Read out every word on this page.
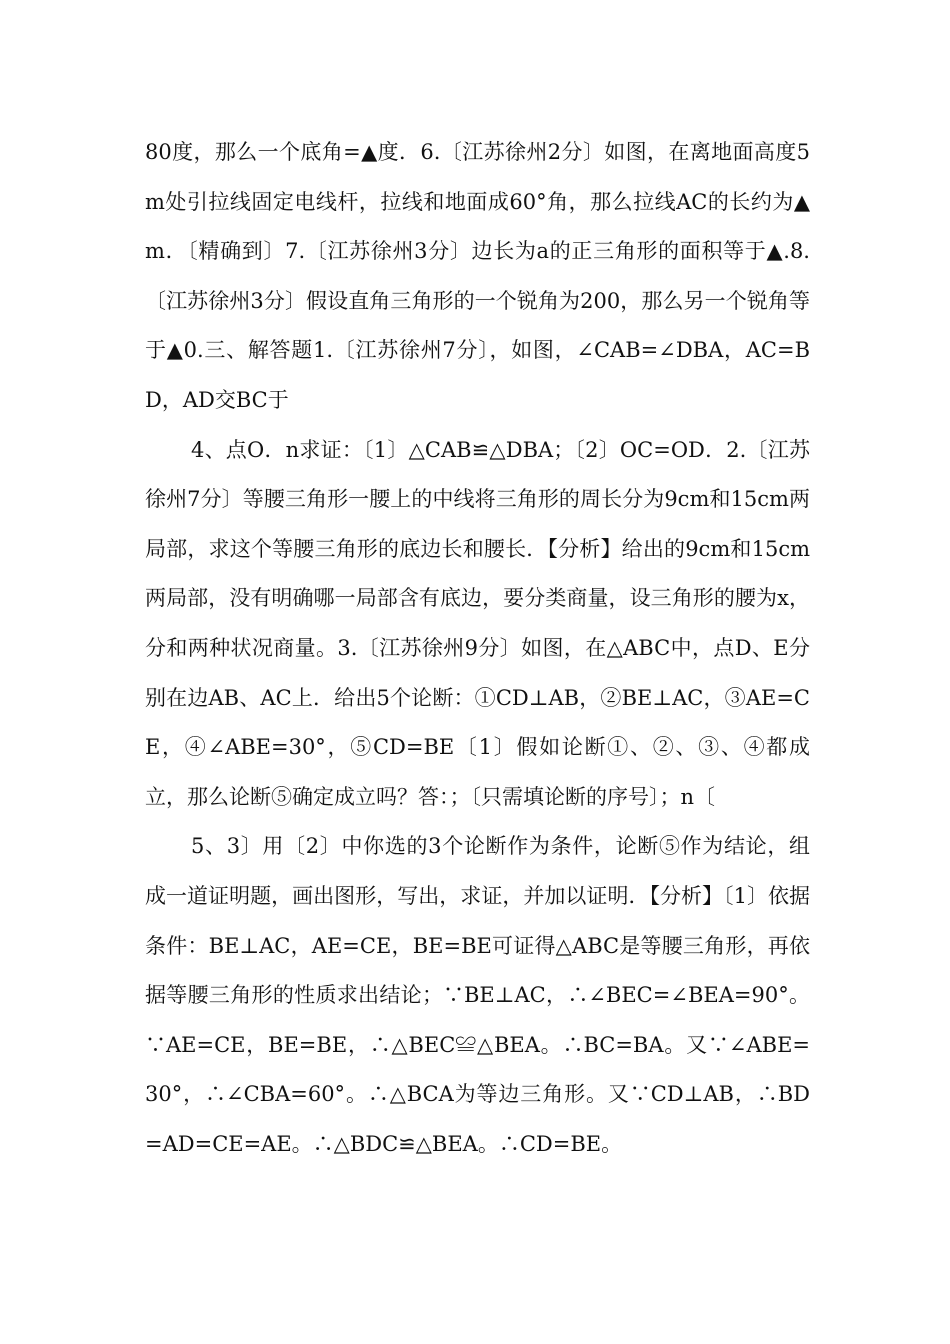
80度，那么一个底角=▲度．6.〔江苏徐州2分〕如图，在离地面高度5m处引拉线固定电线杆，拉线和地面成60°角，那么拉线AC的长约为▲m．〔精确到〕7.〔江苏徐州3分〕边长为a的正三角形的面积等于▲.8.〔江苏徐州3分〕假设直角三角形的一个锐角为200，那么另一个锐角等于▲0.三、解答题1.〔江苏徐州7分〕，如图，∠CAB=∠DBA，AC=BD，AD交BC于

4、点O．n求证：〔1〕△CAB≌△DBA；〔2〕OC=OD．2.〔江苏徐州7分〕等腰三角形一腰上的中线将三角形的周长分为9cm和15cm两局部，求这个等腰三角形的底边长和腰长．【分析】给出的9cm和15cm两局部，没有明确哪一局部含有底边，要分类商量，设三角形的腰为x，分和两种状况商量。3.〔江苏徐州9分〕如图，在△ABC中，点D、E分别在边AB、AC上．给出5个论断：①CD⊥AB，②BE⊥AC，③AE=CE，④∠ABE=30°，⑤CD=BE〔1〕假如论断①、②、③、④都成立，那么论断⑤确定成立吗？答：；〔只需填论断的序号〕；n〔

5、3〕用〔2〕中你选的3个论断作为条件，论断⑤作为结论，组成一道证明题，画出图形，写出，求证，并加以证明．【分析】〔1〕依据条件：BE⊥AC，AE=CE，BE=BE可证得△ABC是等腰三角形，再依据等腰三角形的性质求出结论；∵BE⊥AC，∴∠BEC=∠BEA=90°。∵AE=CE，BE=BE，∴△BEC≌△BEA。∴BC=BA。又∵∠ABE=30°，∴∠CBA=60°。∴△BCA为等边三角形。又∵CD⊥AB，∴BD=AD=CE=AE。∴△BDC≌△BEA。∴CD=BE。
